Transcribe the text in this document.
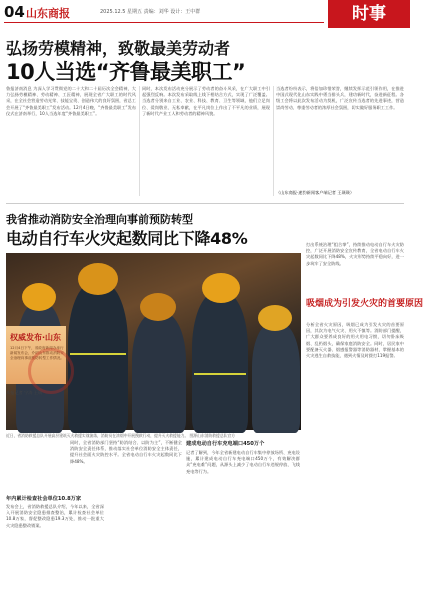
04 山东商报	2025.12.5 星期五 责编：刘华 设计：王中群	时事
弘扬劳模精神，致敬最美劳动者
10人当选“齐鲁最美职工”
鲁报济南消息 为深入学习贯彻党的二十大和二十届历次全会精神，大力弘扬劳模精神、劳动精神、工匠精神，展现全省广大职工的时代风采，在全社会营造劳动光荣、技能宝贵、创造伟大的良好氛围，省总工会开展了“齐鲁最美职工”发布活动。12月4日晚，“齐鲁最美职工”发布仪式在济南举行，10人当选年度“齐鲁最美职工”。
同时，本次发布活动充分展示了劳动者的奋斗风采，在广大职工中引起强烈反响。本次发布采取线上线下相结合方式，实现了广泛覆盖。当选者分别来自工业、农业、科技、教育、卫生等领域，他们立足岗位、爱岗敬业、无私奉献，在平凡岗位上作出了不平凡的业绩，展现了新时代产业工人和劳动者的精神风貌。
当选者纷纷表示，将倍加珍惜荣誉，继续发挥示范引领作用，在推进中国式现代化山东实践中勇当排头兵，建功新时代，奋进新征程。各级工会将以此次发布活动为契机，广泛宣传当选者的先进事迹，营造崇尚劳动、尊重劳动者的浓厚社会氛围，切实做好服务职工工作。
（山东商报·速豹新闻客户端记者 王瑛瑛）
我省推动消防安全治理向事前预防转型
电动自行车火灾起数同比下降48%
近日，省消防救援总队开展高层建筑灭火救援实战演练，消防员在浓烟中开展搜救行动，提升灭火救援能力。 图源山东消防救援总队官方
打出系统治理“组合拳”，持续推动电动自行车火灾防控，广泛开展消防安全宣传教育，全省电动自行车火灾起数同比下降48%，火灾形势持续平稳向好，进一步筑牢了安全防线。
吸烟成为引发火灾的首要原因
分析全省火灾原因，吸烟已成为引发火灾的首要原因，其次为电气火灾、用火不慎等。消防部门提醒，广大群众要养成良好的用火用电习惯，切勿卧床吸烟、乱扔烟头，确保家庭消防安全。同时，居民家中要配备灭火器、烟感报警器等消防器材，掌握基本的火灾逃生自救技能，遇到火情及时拨打119报警。
权威发布·山东
12月4日下午，省政府新闻办举行新闻发布会，介绍山东推动消防安全治理向事前预防转型工作情况。
本报记者 宁涛 王瑞
年内累计检查社会单位10.8万家
发布会上，省消防救援总队介绍，今年以来，全省深入开展消防安全隐患排查整治，累计检查社会单位10.8万家，督促整改隐患19.3万处，推动一批重大火灾隐患整改销案。
同时，全省消防部门坚持“防消结合、以防为主”，不断健全消防安全责任体系，推动落实社会单位消防安全主体责任，提升社会面火灾防控水平。全省电动自行车火灾起数同比下降48%。
建成电动自行车充电端口450万个
记者了解到，今年全省新建电动自行车集中停放场所、充电设施，累计建成电动自行车充电端口450万个，有效解决群众“充电难”问题，从源头上减少了电动自行车违规停放、飞线充电等行为。
